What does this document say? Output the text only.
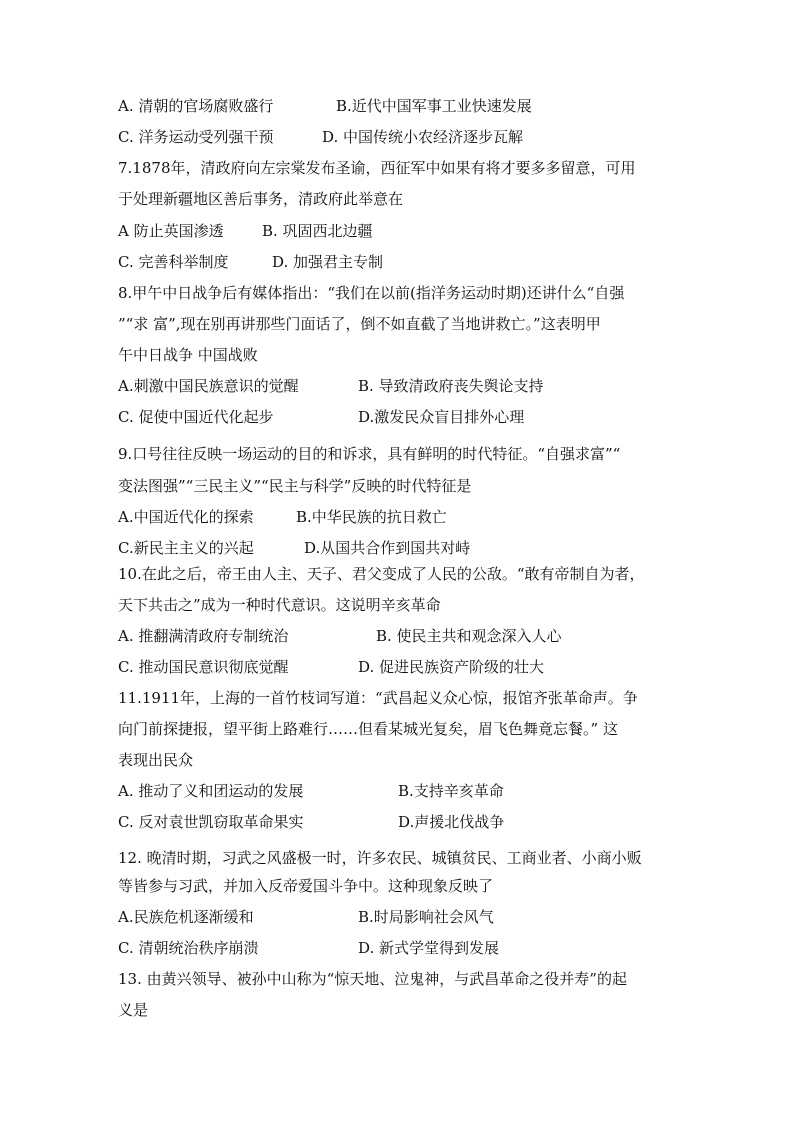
A. 清朝的官场腐败盛行	B.近代中国军事工业快速发展
C. 洋务运动受列强干预	D. 中国传统小农经济逐步瓦解
7.1878年，清政府向左宗棠发布圣谕，西征军中如果有将才要多多留意，可用
于处理新疆地区善后事务，清政府此举意在
A 防止英国渗透	B. 巩固西北边疆
C. 完善科举制度	D. 加强君主专制
8.甲午中日战争后有媒体指出：“我们在以前(指洋务运动时期)还讲什么“自强
”“求 富”,现在别再讲那些门面话了，倒不如直截了当地讲救亡。”这表明甲
午中日战争 中国战败
A.刺激中国民族意识的觉醒	B. 导致清政府丧失舆论支持
C. 促使中国近代化起步	D.激发民众盲目排外心理
9.口号往往反映一场运动的目的和诉求，具有鲜明的时代特征。“自强求富”“
变法图强”“三民主义”“民主与科学”反映的时代特征是
A.中国近代化的探索	B.中华民族的抗日救亡
C.新民主主义的兴起	D.从国共合作到国共对峙
10.在此之后，帝王由人主、天子、君父变成了人民的公敌。“敢有帝制自为者，
天下共击之”成为一种时代意识。这说明辛亥革命
A. 推翻满清政府专制统治	B. 使民主共和观念深入人心
C. 推动国民意识彻底觉醒	D. 促进民族资产阶级的壮大
11.1911年，上海的一首竹枝词写道：“武昌起义众心惊，报馆齐张革命声。争
向门前探捷报，望平街上路难行……但看某城光复矣，眉飞色舞竟忘餐。” 这
表现出民众
A. 推动了义和团运动的发展	B.支持辛亥革命
C. 反对袁世凯窃取革命果实	D.声援北伐战争
12. 晚清时期，习武之风盛极一时，许多农民、城镇贫民、工商业者、小商小贩
等皆参与习武，并加入反帝爱国斗争中。这种现象反映了
A.民族危机逐渐缓和	B.时局影响社会风气
C. 清朝统治秩序崩溃	D. 新式学堂得到发展
13. 由黄兴领导、被孙中山称为“惊天地、泣鬼神，与武昌革命之役并寿”的起
义是
